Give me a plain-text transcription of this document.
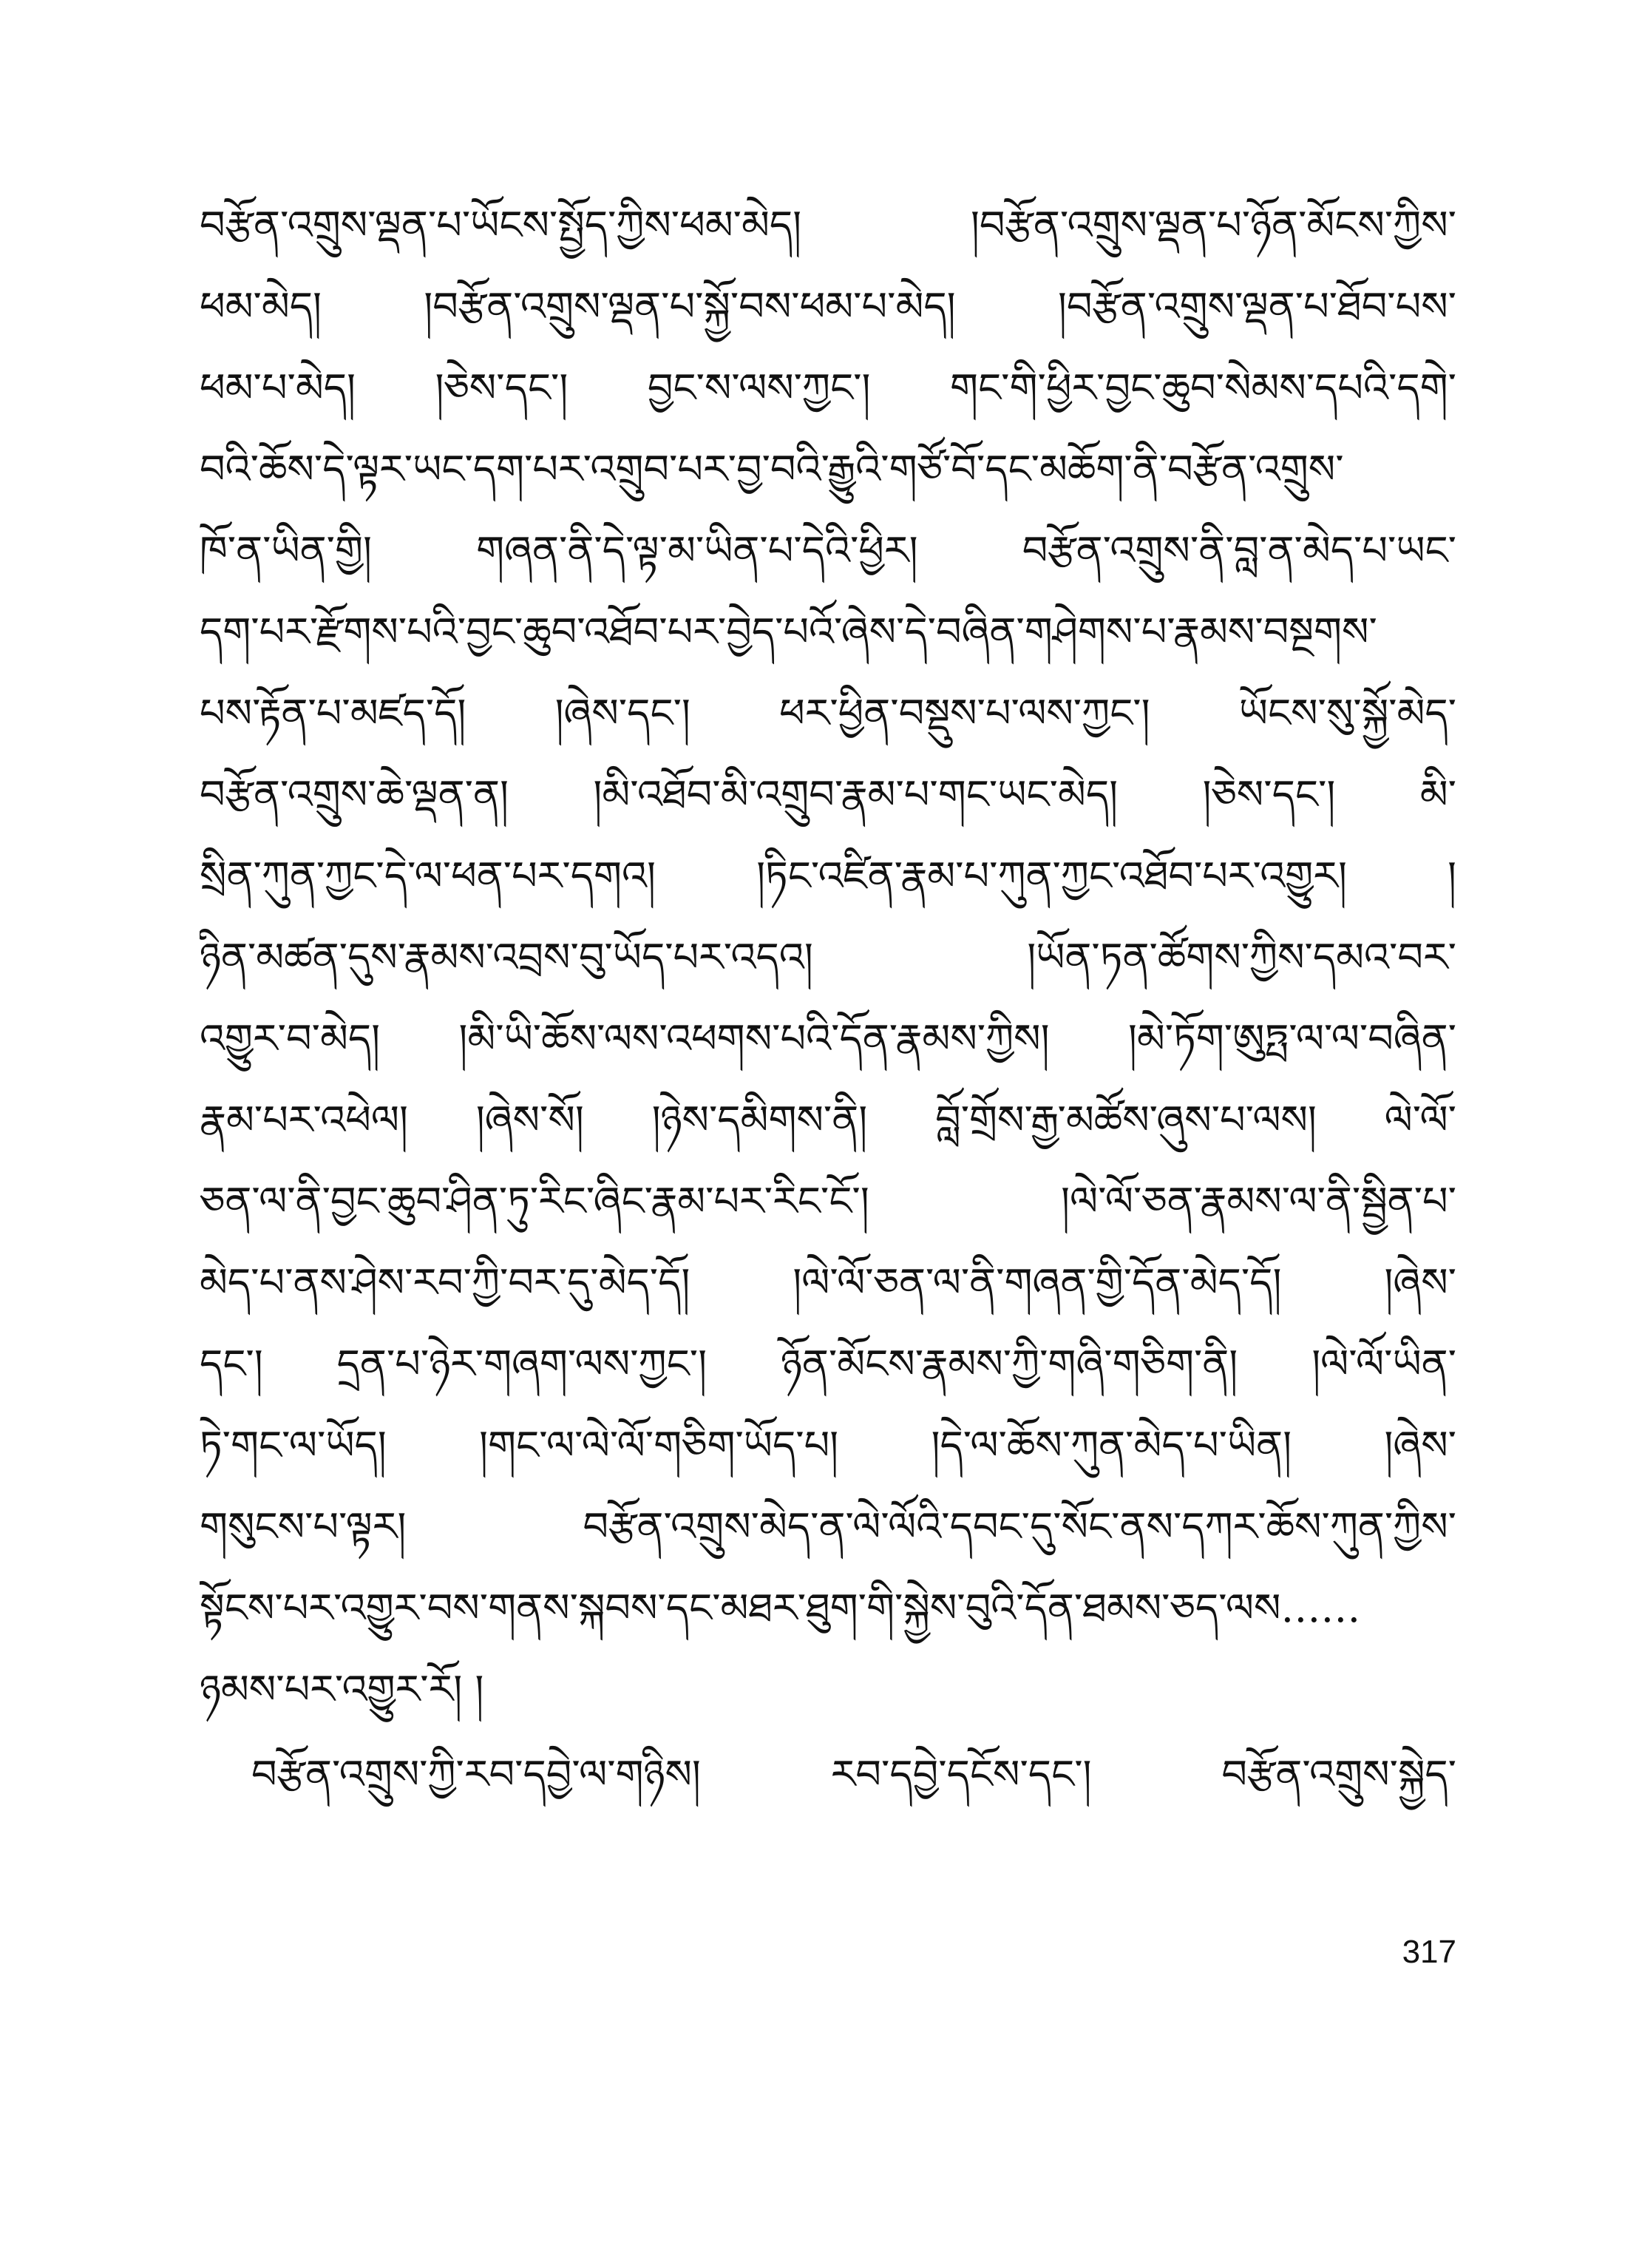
བརྩོན་འགྲུས་ལྡན་པ་ཡོངས་སྤྱོད་ཀྱིས་ཕམ་མེད། །བརྩོན་འགྲུས་ལྡན་པ་ཉོན་མོངས་ཀྱིས་
ཕམ་མེད། །བརྩོན་འགྲུས་ལྡན་པ་སྐྱོ་བས་ཕམ་པ་མེད། །བརྩོན་འགྲུས་ལྡན་པ་ཐོབ་པས་
ཕམ་པ་མེད། །ཅེས་དང་། བྱང་ས་ལས་ཀྱང་། གང་གི་ཕྱིར་བྱང་ཆུབ་སེམས་དཔའི་དགེ་
བའི་ཆོས་དེ་ལྟར་ཡང་དག་པར་འགྲུབ་པར་བྱ་བའི་རྒྱུའི་གཙོ་བོ་དང་མཆོག་ནི་བརྩོན་འགྲུས་
ཁོ་ན་ཡིན་གྱི། གཞན་ནི་དེ་ལྟ་མ་ཡིན་པ་དེའི་ཕྱིར། བརྩོན་འགྲུས་ནི་བླ་ན་མེད་པ་ཡང་
དག་པར་རྫོགས་པའི་བྱང་ཆུབ་འཐོབ་པར་བྱེད་པའོ་ཞེས་དེ་བཞིན་གཤེགས་པ་རྣམས་བསྔགས་
པས་རྟོན་པ་མཛད་དོ། །ཞེས་དང་། ཕར་ཕྱིན་བསྡུས་པ་ལས་ཀྱང་། ཡོངས་སུ་སྐྱོ་མེད་
བརྩོན་འགྲུས་ཆེ་ལྡན་ན། །མི་འཐོབ་མི་འགྲུབ་རྣམ་པ་གང་ཡང་མེད། །ཅེས་དང་། མི་
སྲིན་ཀུན་ཀྱང་དེ་ལ་ཕན་པར་དགའ། །ཏིང་འཛིན་རྣམ་པ་ཀུན་ཀྱང་འཐོབ་པར་འགྱུར། །
ཉིན་མཚན་དུས་རྣམས་འབྲས་བུ་ཡོད་པར་འདའ། །ཡོན་ཏན་ཚོགས་ཀྱིས་དམའ་བར་
འགྱུར་བ་མེད། །མི་ཡི་ཆོས་ལས་འཕགས་པའི་དོན་རྣམས་ཀྱིས། །མེ་ཏོག་ཨུཏྤ་ལ་ལ་བཞིན་
རྣམ་པར་འཕེལ། །ཞེས་སོ། །ཉེས་དམིགས་ནི། བློ་གྲོས་རྒྱ་མཚོས་ཞུས་པ་ལས། ལེ་ལོ་
ཅན་ལ་ནི་བྱང་ཆུབ་ཤིན་ཏུ་རིང་ཞིང་རྣམ་པར་རིང་ངོ་། །ལེ་ལོ་ཅན་རྣམས་ལ་ནི་སྦྱིན་པ་
མེད་པ་ནས་ཤེས་རབ་ཀྱི་བར་དུ་མེད་དོ། །ལེ་ལོ་ཅན་ལ་ནི་གཞན་གྱི་དོན་མེད་དོ། །ཞེས་
དང་། དྲན་པ་ཉེར་གཞག་ལས་ཀྱང་། ཉོན་མོངས་རྣམས་ཀྱི་གཞི་གཅིག་ནི། །ལེ་ལོ་ཡིན་
ཏེ་གང་ལ་ཡོད། །གང་ལ་ལེ་ལོ་གཅིག་ཡོད་པ། །དེ་ལ་ཆོས་ཀུན་མེད་པ་ཡིན། །ཞེས་
གསུངས་པ་ལྟར། བརྩོན་འགྲུས་མེད་ན་ལེ་ལོའི་དབང་དུ་སོང་ནས་དཀར་ཆོས་ཀུན་ཀྱིས་
སྟོངས་པར་འགྱུར་བས་གནས་སྐབས་དང་མཐར་ཐུག་གི་སྐྱེས་བུའི་དོན་ཐམས་ཅད་ལས……
ཉམས་པར་འགྱུར་རོ། །
བརྩོན་འགྲུས་ཀྱི་རབ་དབྱེ་ལ་གཉིས། རབ་དབྱེ་དངོས་དང་། བརྩོན་འགྲུས་སྐྱེད་
317
